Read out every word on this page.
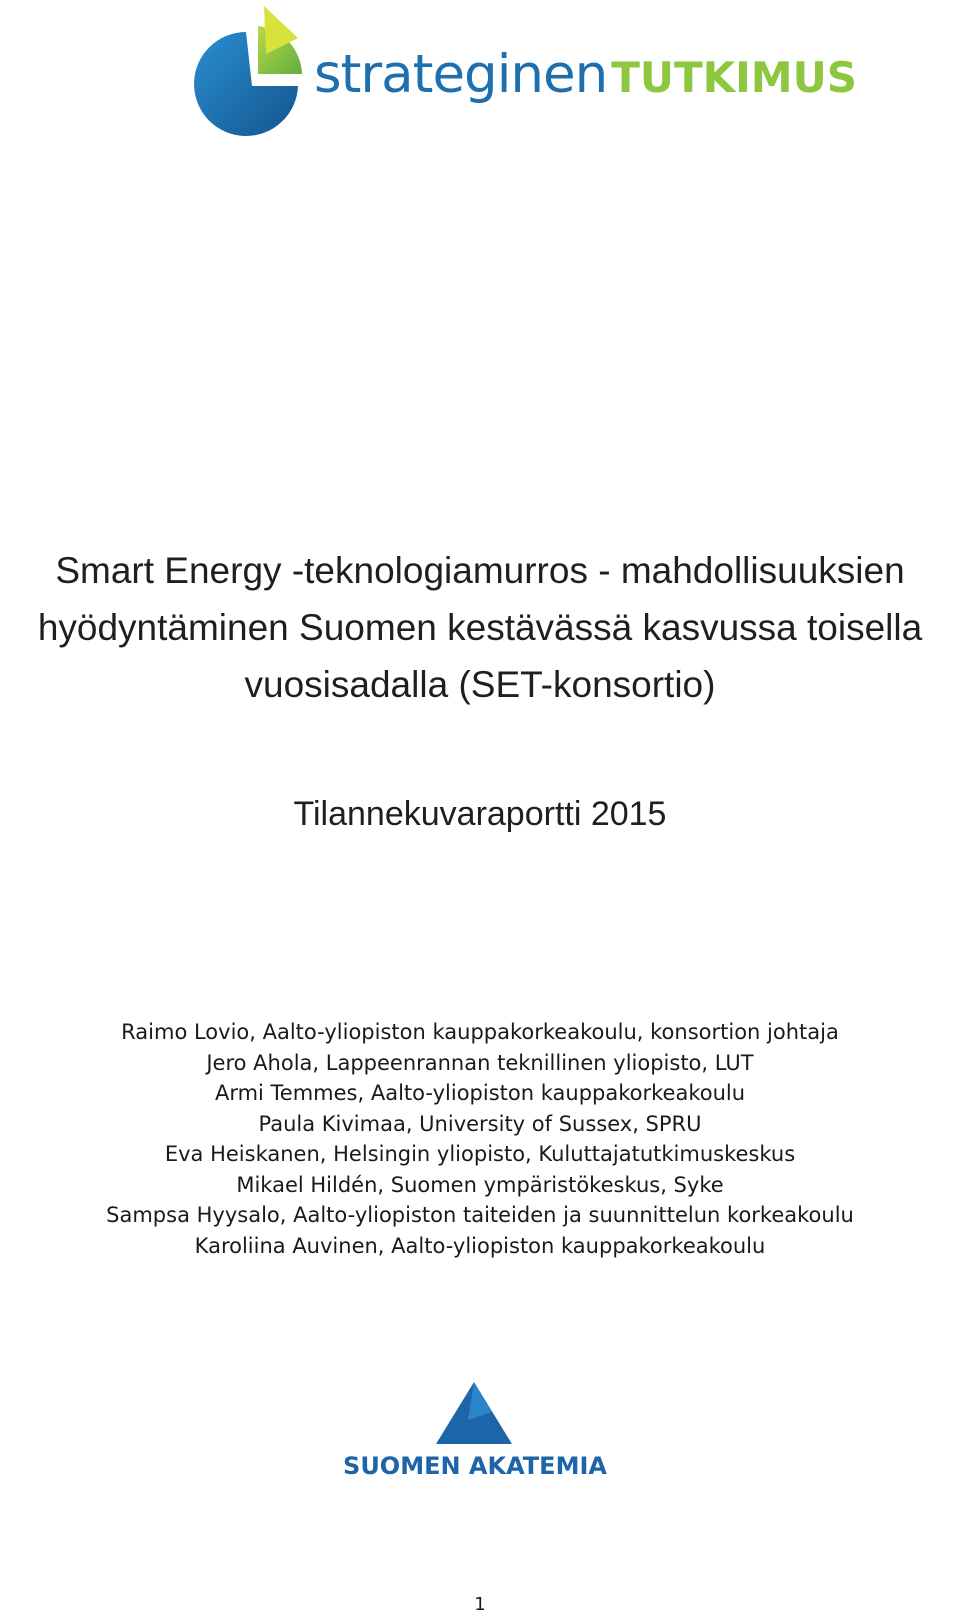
strateginenTUTKIMUS
Smart Energy -teknologiamurros - mahdollisuuksien
hyödyntäminen Suomen kestävässä kasvussa toisella
vuosisadalla (SET-konsortio)
Tilannekuvaraportti 2015
Raimo Lovio, Aalto-yliopiston kauppakorkeakoulu, konsortion johtaja
Jero Ahola, Lappeenrannan teknillinen yliopisto, LUT
Armi Temmes, Aalto-yliopiston kauppakorkeakoulu
Paula Kivimaa, University of Sussex, SPRU
Eva Heiskanen, Helsingin yliopisto, Kuluttajatutkimuskeskus
Mikael Hildén, Suomen ympäristökeskus, Syke
Sampsa Hyysalo, Aalto-yliopiston taiteiden ja suunnittelun korkeakoulu
Karoliina Auvinen, Aalto-yliopiston kauppakorkeakoulu
SUOMEN AKATEMIA
1
